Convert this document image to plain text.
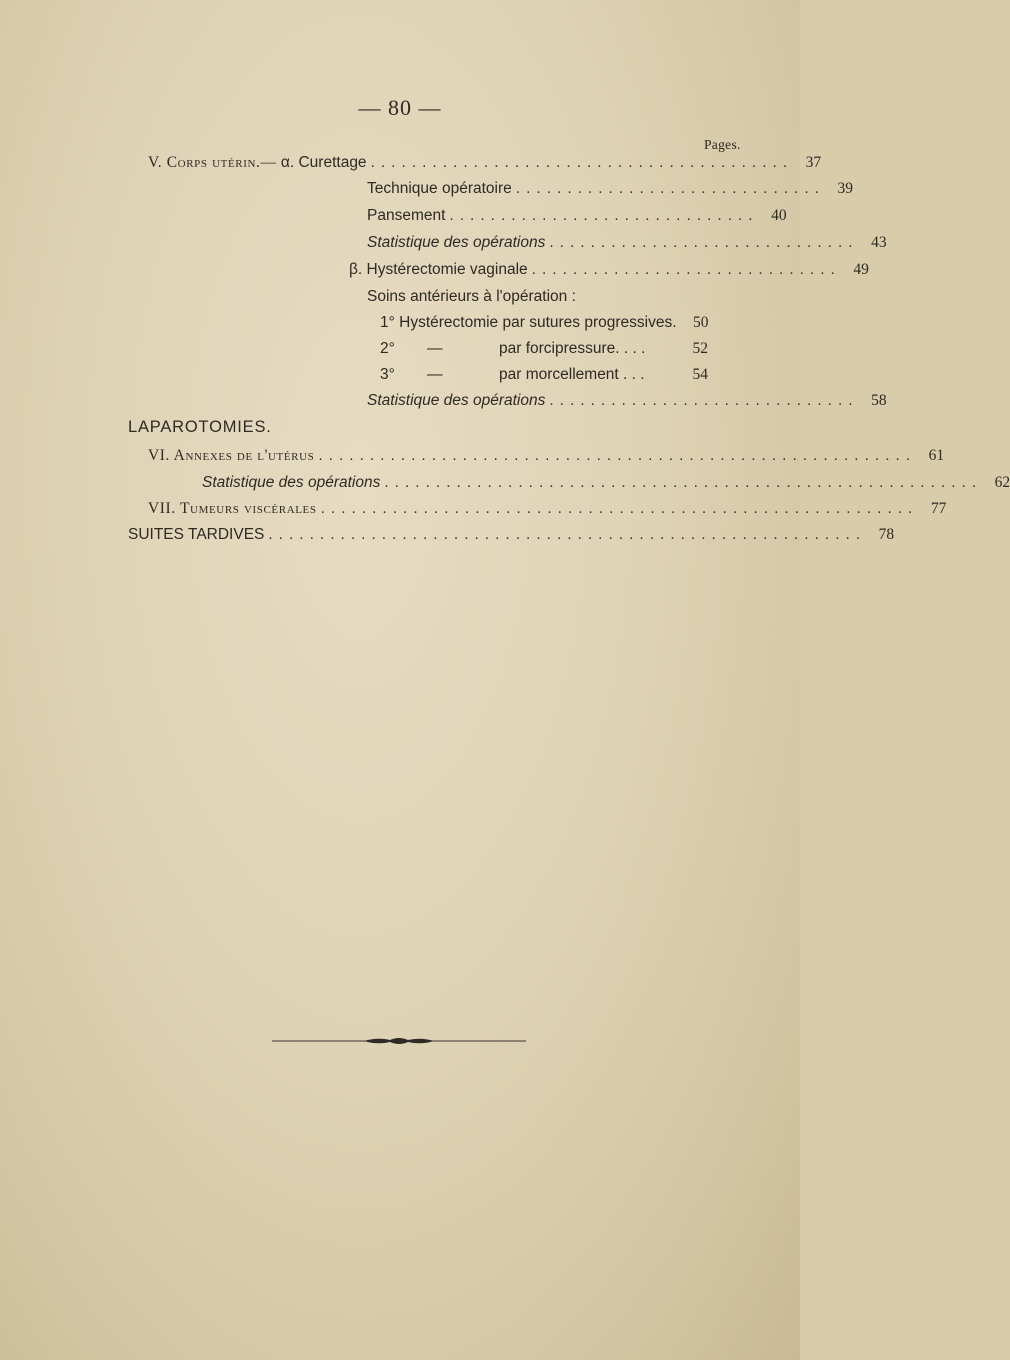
— 80 —
Pages.
V. Corps utérin.— α. Curettage ......................................... 37
Technique opératoire .............................. 39
Pansement .............................. 40
Statistique des opérations .............................. 43
β. Hystérectomie vaginale .............................. 49
Soins antérieurs à l'opération :
1° Hystérectomie par sutures progressives.	50
2°	—	par forcipressure. . . .	52
3°	—	par morcellement . . .	54
Statistique des opérations .............................. 58
LAPAROTOMIES.
VI. Annexes de l'utérus .......................................................... 61
Statistique des opérations .......................................................... 62
VII. Tumeurs viscérales .......................................................... 77
SUITES TARDIVES .......................................................... 78
